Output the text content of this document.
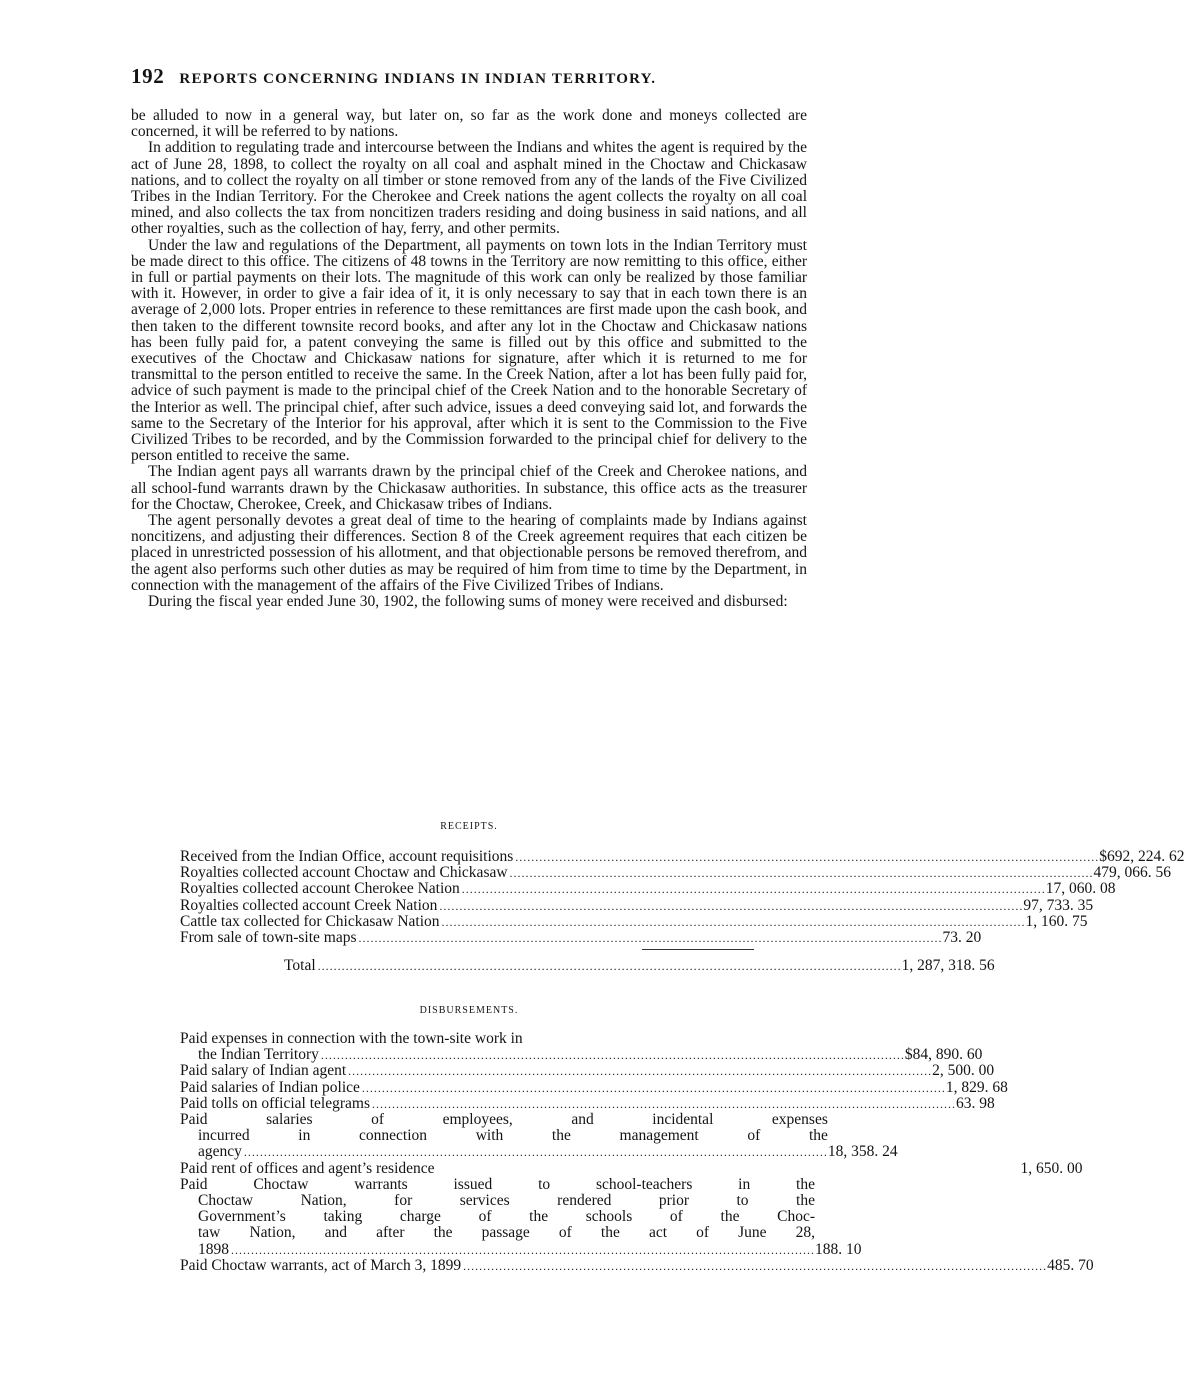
192 REPORTS CONCERNING INDIANS IN INDIAN TERRITORY.

be alluded to now in a general way, but later on, so far as the work done and moneys collected are concerned, it will be referred to by nations.

In addition to regulating trade and intercourse between the Indians and whites the agent is required by the act of June 28, 1898, to collect the royalty on all coal and asphalt mined in the Choctaw and Chickasaw nations, and to collect the royalty on all timber or stone removed from any of the lands of the Five Civilized Tribes in the Indian Territory. For the Cherokee and Creek nations the agent collects the royalty on all coal mined, and also collects the tax from noncitizen traders residing and doing business in said nations, and all other royalties, such as the collection of hay, ferry, and other permits.

Under the law and regulations of the Department, all payments on town lots in the Indian Territory must be made direct to this office. The citizens of 48 towns in the Territory are now remitting to this office, either in full or partial payments on their lots. The magnitude of this work can only be realized by those familiar with it. However, in order to give a fair idea of it, it is only necessary to say that in each town there is an average of 2,000 lots. Proper entries in reference to these remittances are first made upon the cash book, and then taken to the different townsite record books, and after any lot in the Choctaw and Chickasaw nations has been fully paid for, a patent conveying the same is filled out by this office and submitted to the executives of the Choctaw and Chickasaw nations for signature, after which it is returned to me for transmittal to the person entitled to receive the same. In the Creek Nation, after a lot has been fully paid for, advice of such payment is made to the principal chief of the Creek Nation and to the honorable Secretary of the Interior as well. The principal chief, after such advice, issues a deed conveying said lot, and forwards the same to the Secretary of the Interior for his approval, after which it is sent to the Commission to the Five Civilized Tribes to be recorded, and by the Commission forwarded to the principal chief for delivery to the person entitled to receive the same.

The Indian agent pays all warrants drawn by the principal chief of the Creek and Cherokee nations, and all school-fund warrants drawn by the Chickasaw authorities. In substance, this office acts as the treasurer for the Choctaw, Cherokee, Creek, and Chickasaw tribes of Indians.

The agent personally devotes a great deal of time to the hearing of complaints made by Indians against noncitizens, and adjusting their differences. Section 8 of the Creek agreement requires that each citizen be placed in unrestricted possession of his allotment, and that objectionable persons be removed therefrom, and the agent also performs such other duties as may be required of him from time to time by the Department, in connection with the management of the affairs of the Five Civilized Tribes of Indians.

During the fiscal year ended June 30, 1902, the following sums of money were received and disbursed:

RECEIPTS.
Received from the Indian Office, account requisitions .....	$692, 224. 62
Royalties collected account Choctaw and Chickasaw .....	479, 066. 56
Royalties collected account Cherokee Nation .....	17, 060. 08
Royalties collected account Creek Nation .....	97, 733. 35
Cattle tax collected for Chickasaw Nation .....	1, 160. 75
From sale of town-site maps .....	73. 20
Total .....	1, 287, 318. 56
DISBURSEMENTS.
Paid expenses in connection with the town-site work in
the Indian Territory .....	$84, 890. 60
Paid salary of Indian agent .....	2, 500. 00
Paid salaries of Indian police .....	1, 829. 68
Paid tolls on official telegrams .....	63. 98
Paid salaries of employees, and incidental expenses
incurred in connection with the management of the
agency .....	18, 358. 24
Paid rent of offices and agent’s residence	1, 650. 00
Paid Choctaw warrants issued to school-teachers in the
Choctaw Nation, for services rendered prior to the
Government’s taking charge of the schools of the Choc-
taw Nation, and after the passage of the act of June 28,
1898 .....	188. 10
Paid Choctaw warrants, act of March 3, 1899 .....	485. 70
